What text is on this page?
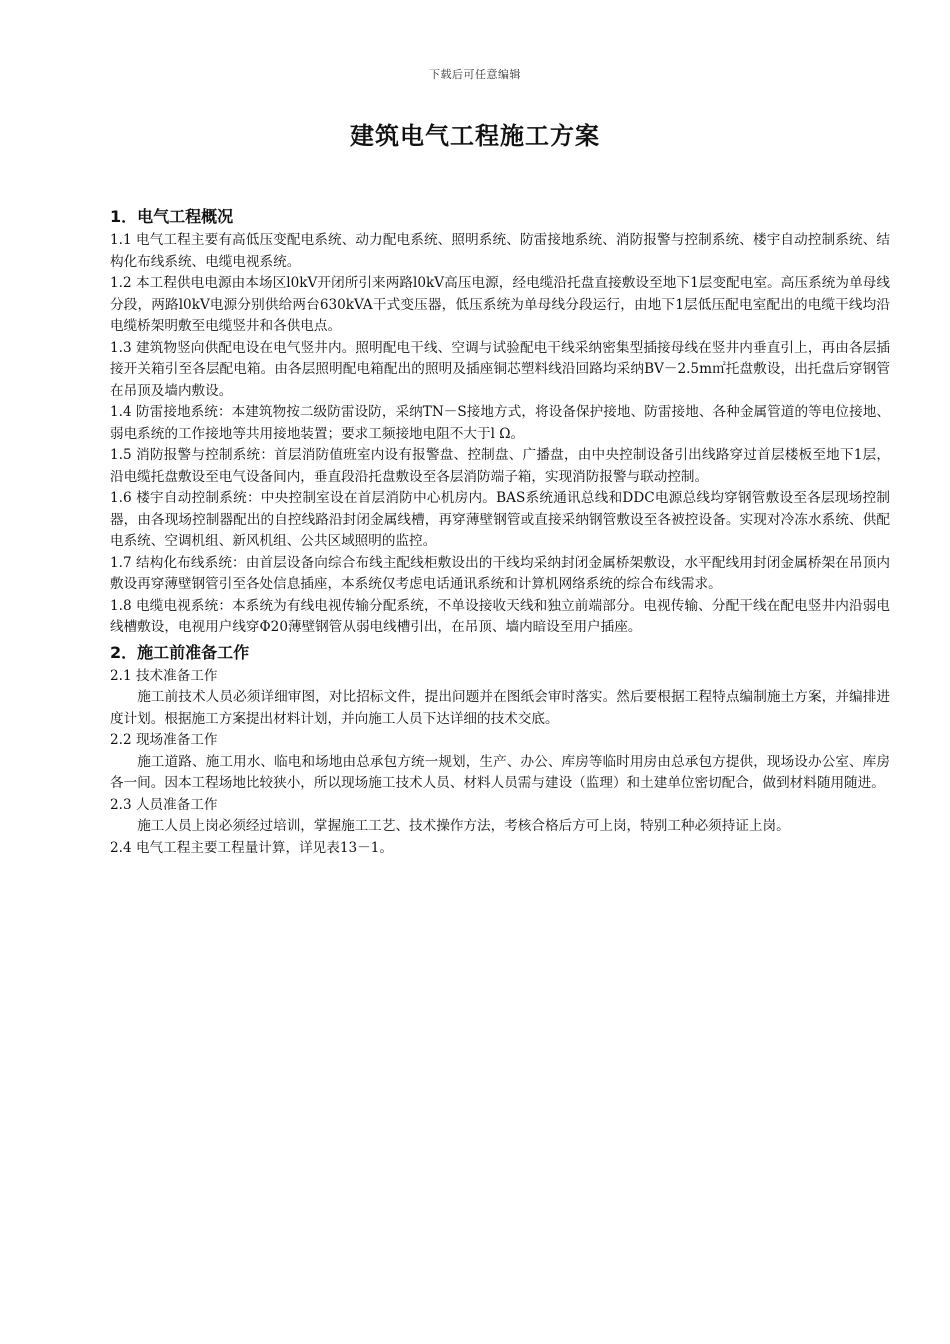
下载后可任意编辑
建筑电气工程施工方案
1．电气工程概况

1.1 电气工程主要有高低压变配电系统、动力配电系统、照明系统、防雷接地系统、消防报警与控制系统、楼宇自动控制系统、结构化布线系统、电缆电视系统。

1.2 本工程供电电源由本场区l0kV开闭所引来两路l0kV高压电源，经电缆沿托盘直接敷设至地下1层变配电室。高压系统为单母线分段，两路l0kV电源分别供给两台630kVA干式变压器，低压系统为单母线分段运行，由地下1层低压配电室配出的电缆干线均沿电缆桥架明敷至电缆竖井和各供电点。

1.3 建筑物竖向供配电设在电气竖井内。照明配电干线、空调与试验配电干线采纳密集型插接母线在竖井内垂直引上，再由各层插接开关箱引至各层配电箱。由各层照明配电箱配出的照明及插座铜芯塑料线沿回路均采纳BV－2.5m㎡托盘敷设，出托盘后穿钢管在吊顶及墙内敷设。

1.4 防雷接地系统：本建筑物按二级防雷设防，采纳TN－S接地方式，将设备保护接地、防雷接地、各种金属管道的等电位接地、弱电系统的工作接地等共用接地装置；要求工频接地电阻不大于l Ω。

1.5 消防报警与控制系统：首层消防值班室内设有报警盘、控制盘、广播盘，由中央控制设备引出线路穿过首层楼板至地下1层，沿电缆托盘敷设至电气设备间内，垂直段沿托盘敷设至各层消防端子箱，实现消防报警与联动控制。

1.6 楼宇自动控制系统：中央控制室设在首层消防中心机房内。BAS系统通讯总线和DDC电源总线均穿钢管敷设至各层现场控制器，由各现场控制器配出的自控线路沿封闭金属线槽，再穿薄壁钢管或直接采纳钢管敷设至各被控设备。实现对冷冻水系统、供配电系统、空调机组、新风机组、公共区域照明的监控。

1.7 结构化布线系统：由首层设备向综合布线主配线柜敷设出的干线均采纳封闭金属桥架敷设，水平配线用封闭金属桥架在吊顶内敷设再穿薄壁钢管引至各处信息插座，本系统仅考虑电话通讯系统和计算机网络系统的综合布线需求。

1.8 电缆电视系统：本系统为有线电视传输分配系统，不单设接收天线和独立前端部分。电视传输、分配干线在配电竖井内沿弱电线槽敷设，电视用户线穿Φ20薄壁钢管从弱电线槽引出，在吊顶、墙内暗设至用户插座。

2．施工前准备工作

2.1 技术准备工作

施工前技术人员必须详细审图，对比招标文件，提出问题并在图纸会审时落实。然后要根据工程特点编制施土方案，并编排进度计划。根据施工方案提出材料计划，并向施工人员下达详细的技术交底。

2.2 现场准备工作

施工道路、施工用水、临电和场地由总承包方统一规划，生产、办公、库房等临时用房由总承包方提供，现场设办公室、库房各一间。因本工程场地比较狭小，所以现场施工技术人员、材料人员需与建设（监理）和土建单位密切配合，做到材料随用随进。

2.3 人员准备工作

施工人员上岗必须经过培训，掌握施工工艺、技术操作方法，考核合格后方可上岗，特别工种必须持证上岗。

2.4 电气工程主要工程量计算，详见表13－1。
